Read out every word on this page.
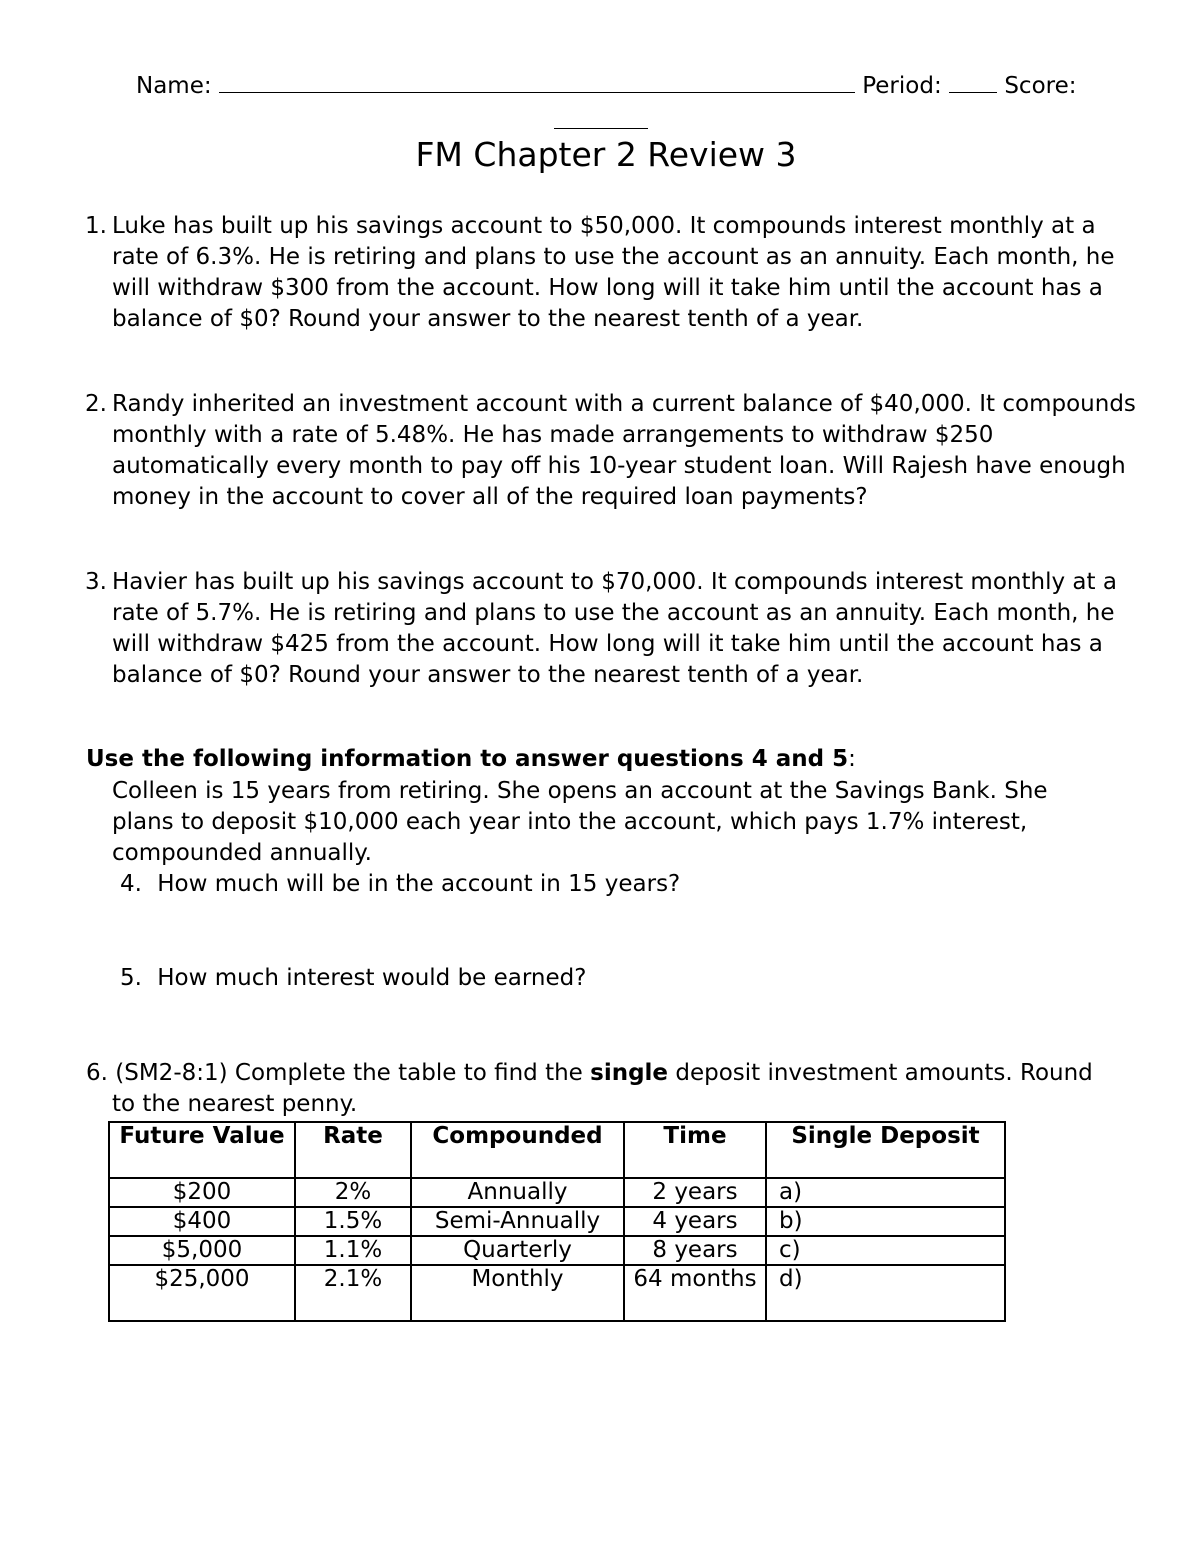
Name:	Period:	Score:
FM Chapter 2 Review 3
1. Luke has built up his savings account to $50,000. It compounds interest monthly at a rate of 6.3%. He is retiring and plans to use the account as an annuity. Each month, he will withdraw $300 from the account. How long will it take him until the account has a balance of $0? Round your answer to the nearest tenth of a year.
2. Randy inherited an investment account with a current balance of $40,000. It compounds monthly with a rate of 5.48%. He has made arrangements to withdraw $250 automatically every month to pay off his 10-year student loan. Will Rajesh have enough money in the account to cover all of the required loan payments?
3. Havier has built up his savings account to $70,000. It compounds interest monthly at a rate of 5.7%. He is retiring and plans to use the account as an annuity. Each month, he will withdraw $425 from the account. How long will it take him until the account has a balance of $0? Round your answer to the nearest tenth of a year.
Use the following information to answer questions 4 and 5:
Colleen is 15 years from retiring. She opens an account at the Savings Bank. She plans to deposit $10,000 each year into the account, which pays 1.7% interest, compounded annually.
4. How much will be in the account in 15 years?
5. How much interest would be earned?
6. (SM2-8:1) Complete the table to find the single deposit investment amounts. Round
to the nearest penny.
Future Value	Rate	Compounded	Time	Single Deposit
$200	2%	Annually	2 years	a)
$400	1.5%	Semi-Annually	4 years	b)
$5,000	1.1%	Quarterly	8 years	c)
$25,000	2.1%	Monthly	64 months	d)
